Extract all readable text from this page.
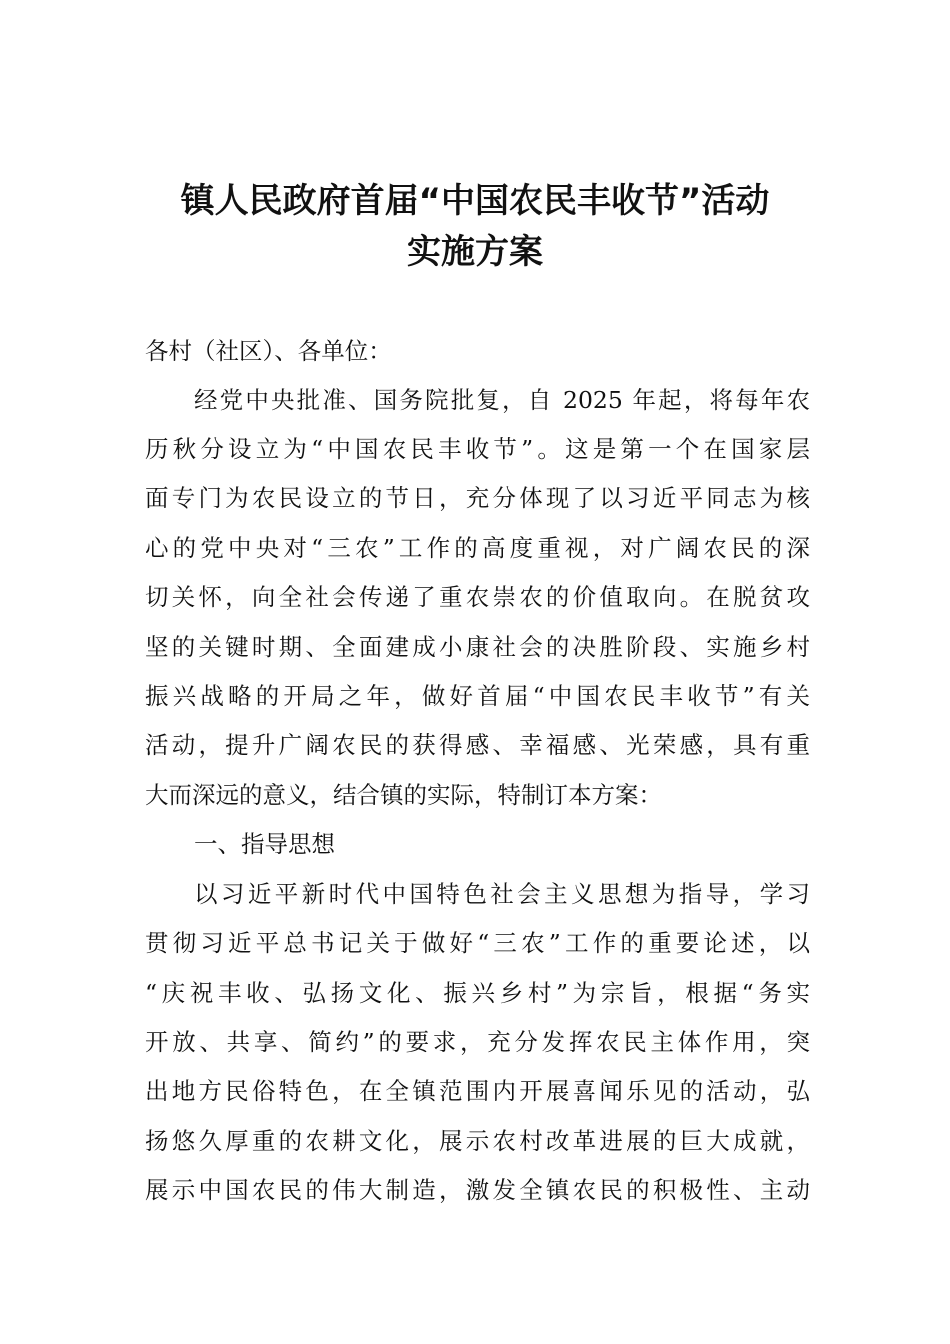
镇人民政府首届“中国农民丰收节”活动
实施方案
各村（社区）、各单位：
经党中央批准、国务院批复，自 2025 年起，将每年农
历秋分设立为“中国农民丰收节”。这是第一个在国家层
面专门为农民设立的节日，充分体现了以习近平同志为核
心的党中央对“三农”工作的高度重视，对广阔农民的深
切关怀，向全社会传递了重农崇农的价值取向。在脱贫攻
坚的关键时期、全面建成小康社会的决胜阶段、实施乡村
振兴战略的开局之年，做好首届“中国农民丰收节”有关
活动，提升广阔农民的获得感、幸福感、光荣感，具有重
大而深远的意义，结合镇的实际，特制订本方案：
一、指导思想
以习近平新时代中国特色社会主义思想为指导，学习
贯彻习近平总书记关于做好“三农”工作的重要论述，以
“庆祝丰收、弘扬文化、振兴乡村”为宗旨，根据“务实
开放、共享、简约”的要求，充分发挥农民主体作用，突
出地方民俗特色，在全镇范围内开展喜闻乐见的活动，弘
扬悠久厚重的农耕文化，展示农村改革进展的巨大成就，
展示中国农民的伟大制造，激发全镇农民的积极性、主动
